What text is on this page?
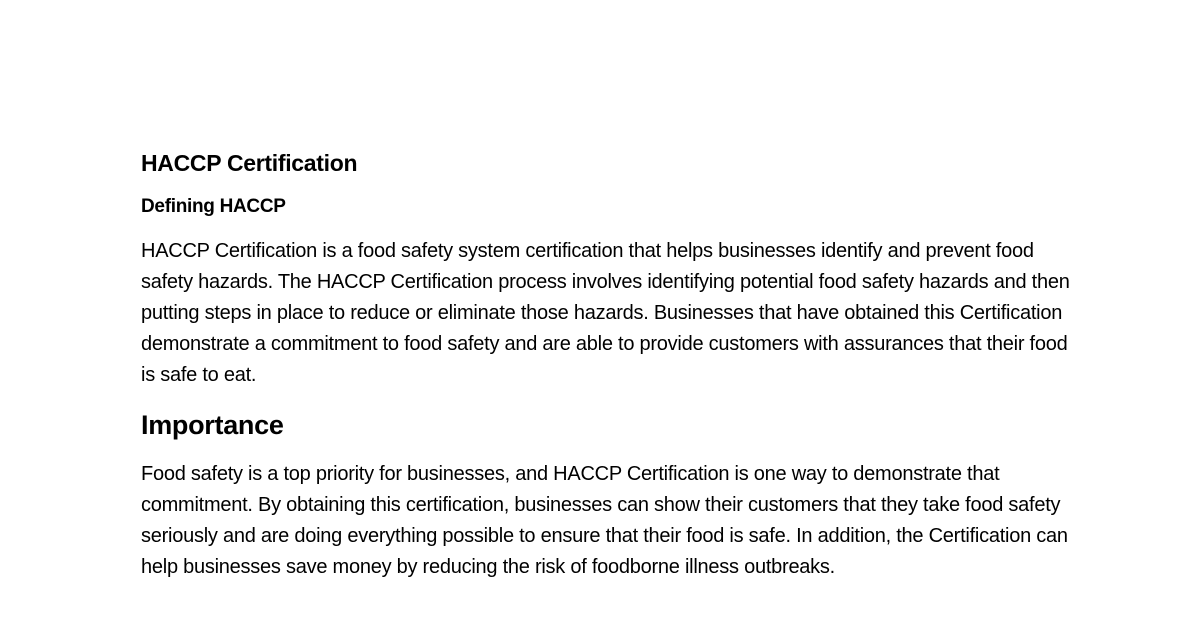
HACCP Certification
Defining HACCP

HACCP Certification is a food safety system certification that helps businesses identify and prevent food safety hazards. The HACCP Certification process involves identifying potential food safety hazards and then putting steps in place to reduce or eliminate those hazards. Businesses that have obtained this Certification demonstrate a commitment to food safety and are able to provide customers with assurances that their food is safe to eat.

Importance

Food safety is a top priority for businesses, and HACCP Certification is one way to demonstrate that commitment. By obtaining this certification, businesses can show their customers that they take food safety seriously and are doing everything possible to ensure that their food is safe. In addition, the Certification can help businesses save money by reducing the risk of foodborne illness outbreaks.
